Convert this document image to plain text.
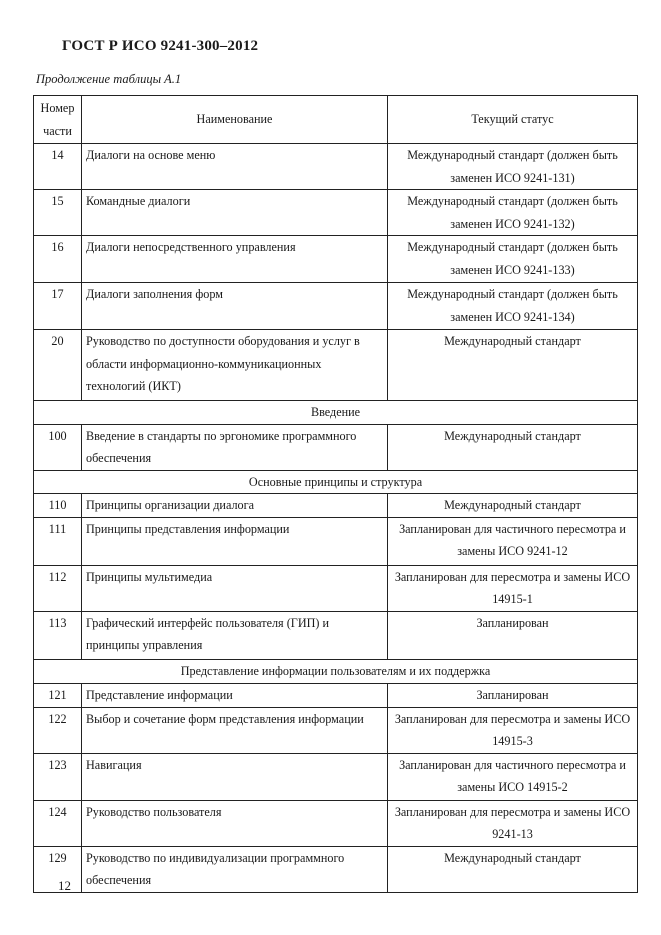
ГОСТ Р ИСО 9241-300–2012
Продолжение таблицы А.1
Номер части	Наименование	Текущий статус
14	Диалоги на основе меню	Международный стандарт (должен быть заменен ИСО 9241-131)
15	Командные диалоги	Международный стандарт (должен быть заменен ИСО 9241-132)
16	Диалоги непосредственного управления	Международный стандарт (должен быть заменен ИСО 9241-133)
17	Диалоги заполнения форм	Международный стандарт (должен быть заменен ИСО 9241-134)
20	Руководство по доступности оборудования и услуг в области информационно-коммуникационных технологий (ИКТ)	Международный стандарт
Введение		
100	Введение в стандарты по эргономике программного обеспечения	Международный стандарт
Основные принципы и структура		
110	Принципы организации диалога	Международный стандарт
111	Принципы представления информации	Запланирован для частичного пересмотра и замены ИСО 9241-12
112	Принципы мультимедиа	Запланирован для пересмотра и замены ИСО 14915-1
113	Графический интерфейс пользователя (ГИП) и принципы управления	Запланирован
Представление информации пользователям и их поддержка		
121	Представление информации	Запланирован
122	Выбор и сочетание форм представления информации	Запланирован для пересмотра и замены ИСО 14915-3
123	Навигация	Запланирован для частичного пересмотра и замены ИСО 14915-2
124	Руководство пользователя	Запланирован для пересмотра и замены ИСО 9241-13
129	Руководство по индивидуализации программного обеспечения	Международный стандарт
12
